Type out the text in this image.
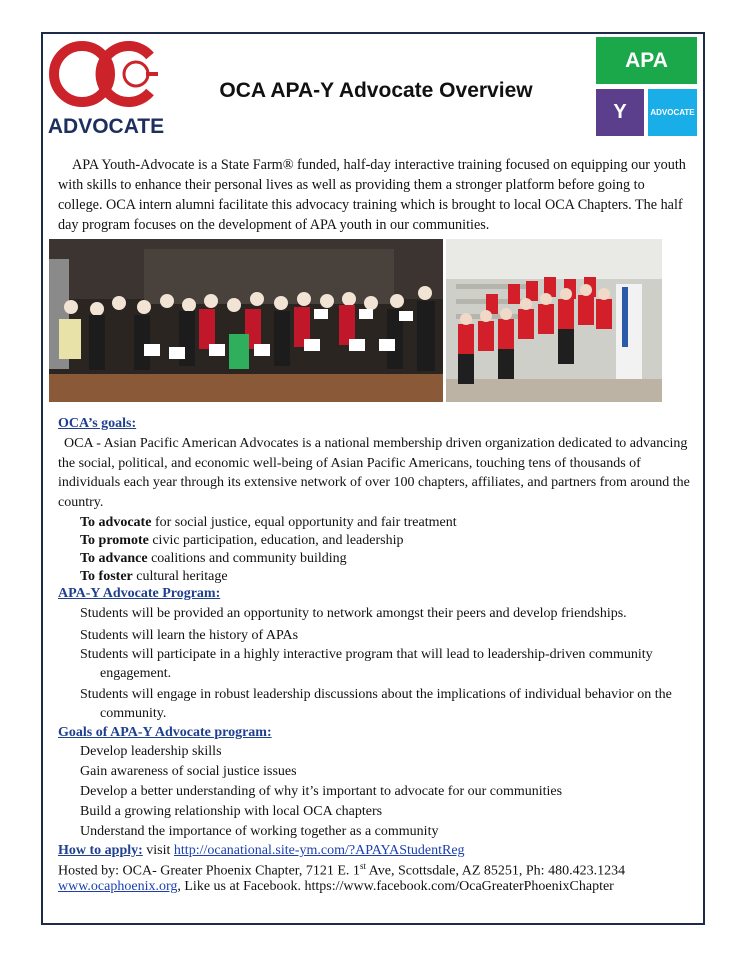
ADVOCATE
OCA APA-Y Advocate Overview
APA
Y	ADVOCATE
APA Youth-Advocate is a State Farm® funded, half-day interactive training focused on equipping our youth with skills to enhance their personal lives as well as providing them a stronger platform before going to college. OCA intern alumni facilitate this advocacy training which is brought to local OCA Chapters. The half day program focuses on the development of APA youth in our communities.
OCA’s goals:
OCA - Asian Pacific American Advocates is a national membership driven organization dedicated to advancing the social, political, and economic well-being of Asian Pacific Americans, touching tens of thousands of individuals each year through its extensive network of over 100 chapters, affiliates, and partners from around the country.
To advocate for social justice, equal opportunity and fair treatment
To promote civic participation, education, and leadership
To advance coalitions and community building
To foster cultural heritage
APA-Y Advocate Program:
Students will be provided an opportunity to network amongst their peers and develop friendships.
Students will learn the history of APAs
Students will participate in a highly interactive program that will lead to leadership-driven community engagement.
Students will engage in robust leadership discussions about the implications of individual behavior on the community.
Goals of APA-Y Advocate program:
Develop leadership skills
Gain awareness of social justice issues
Develop a better understanding of why it’s important to advocate for our communities
Build a growing relationship with local OCA chapters
Understand the importance of working together as a community
How to apply: visit http://ocanational.site-ym.com/?APAYAStudentReg
Hosted by: OCA- Greater Phoenix Chapter, 7121 E. 1st Ave, Scottsdale, AZ 85251, Ph: 480.423.1234
www.ocaphoenix.org, Like us at Facebook. https://www.facebook.com/OcaGreaterPhoenixChapter
